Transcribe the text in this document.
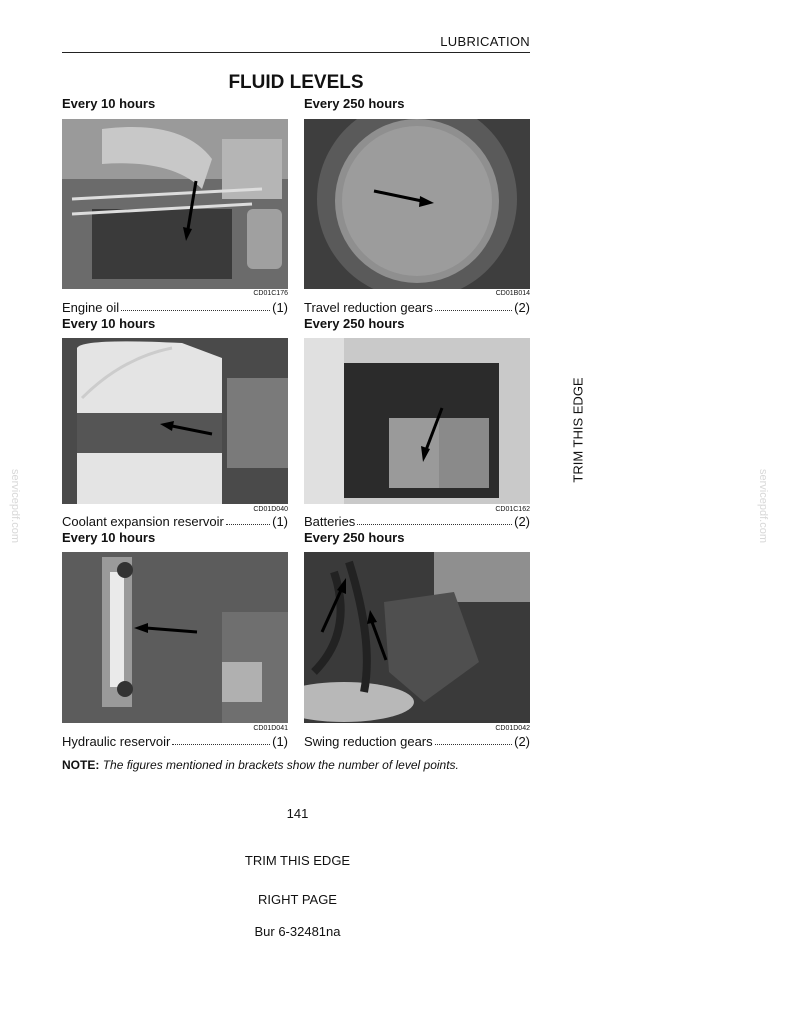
LUBRICATION
FLUID LEVELS
Every 10 hours	Every 250 hours
CD01C176	CD01B014
Engine oil	(1) Travel reduction gears	(2)
Every 10 hours	Every 250 hours
CD01D040	CD01C162
Coolant expansion reservoir	(1) Batteries	(2)
Every 10 hours	Every 250 hours
CD01D041	CD01D042
Hydraulic reservoir	(1) Swing reduction gears	(2)
NOTE: The figures mentioned in brackets show the number of level points.
141
TRIM THIS EDGE
RIGHT PAGE
Bur 6-32481na
TRIM THIS EDGE
servicepdf.com	servicepdf.com
